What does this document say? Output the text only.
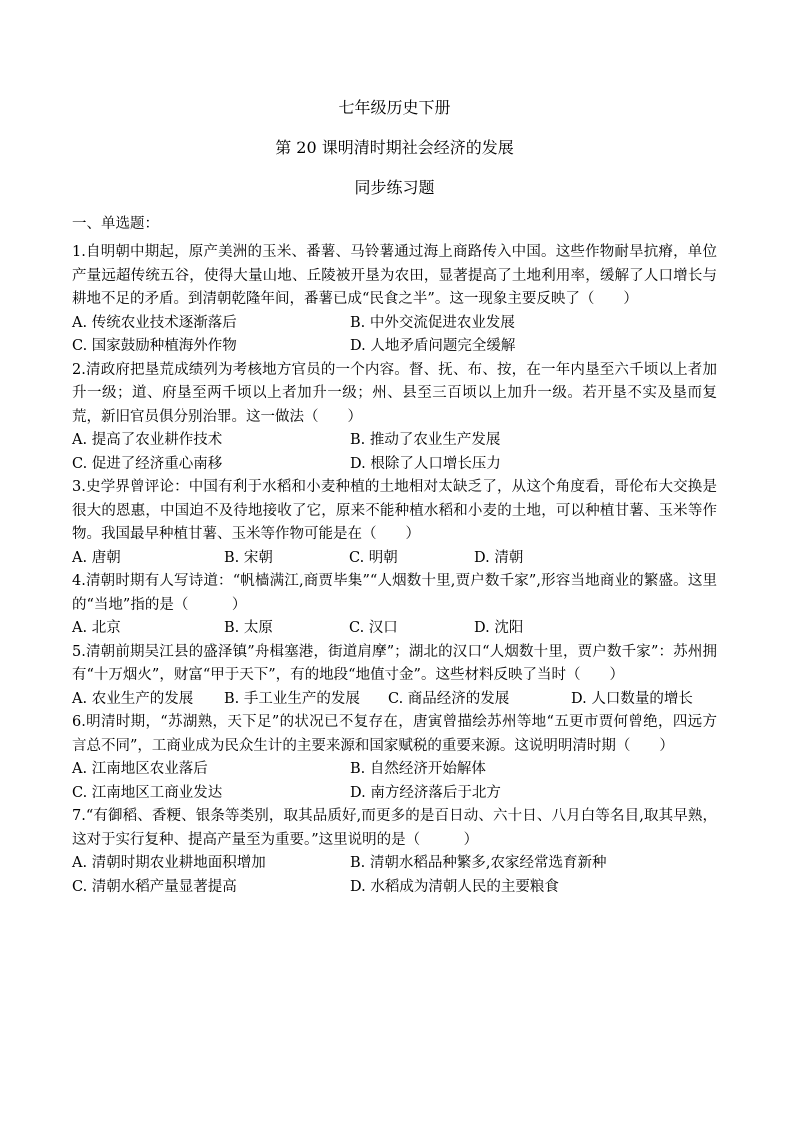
七年级历史下册
第 20 课明清时期社会经济的发展
同步练习题
一、单选题：
1.自明朝中期起，原产美洲的玉米、番薯、马铃薯通过海上商路传入中国。这些作物耐旱抗瘠，单位产量远超传统五谷，使得大量山地、丘陵被开垦为农田，显著提高了土地利用率，缓解了人口增长与耕地不足的矛盾。到清朝乾隆年间，番薯已成“民食之半”。这一现象主要反映了（　　）
A. 传统农业技术逐渐落后	B. 中外交流促进农业发展
C. 国家鼓励种植海外作物	D. 人地矛盾问题完全缓解
2.清政府把垦荒成绩列为考核地方官员的一个内容。督、抚、布、按，在一年内垦至六千顷以上者加升一级；道、府垦至两千顷以上者加升一级；州、县至三百顷以上加升一级。若开垦不实及垦而复荒，新旧官员俱分别治罪。这一做法（　　）
A. 提高了农业耕作技术	B. 推动了农业生产发展
C. 促进了经济重心南移	D. 根除了人口增长压力
3.史学界曾评论：中国有利于水稻和小麦种植的土地相对太缺乏了，从这个角度看，哥伦布大交换是很大的恩惠，中国迫不及待地接收了它，原来不能种植水稻和小麦的土地，可以种植甘薯、玉米等作物。我国最早种植甘薯、玉米等作物可能是在（　　）
A. 唐朝	B. 宋朝	C. 明朝	D. 清朝
4.清朝时期有人写诗道：“帆樯满江,商贾毕集”“人烟数十里,贾户数千家”,形容当地商业的繁盛。这里的“当地”指的是（　　　）
A. 北京	B. 太原	C. 汉口	D. 沈阳
5.清朝前期吴江县的盛泽镇”舟楫塞港，街道肩摩”；湖北的汉口“人烟数十里，贾户数千家”：苏州拥有“十万烟火”，财富“甲于天下”，有的地段“地值寸金”。这些材料反映了当时（　　）
A. 农业生产的发展	B. 手工业生产的发展	C. 商品经济的发展	D. 人口数量的增长
6.明清时期，“苏湖熟，天下足”的状况已不复存在，唐寅曾描绘苏州等地“五更市贾何曾绝，四远方言总不同”，工商业成为民众生计的主要来源和国家赋税的重要来源。这说明明清时期（　　）
A. 江南地区农业落后	B. 自然经济开始解体
C. 江南地区工商业发达	D. 南方经济落后于北方
7.“有御稻、香粳、银条等类别，取其品质好,而更多的是百日动、六十日、八月白等名目,取其早熟，这对于实行复种、提高产量至为重要。”这里说明的是（　　　）
A. 清朝时期农业耕地面积增加	B. 清朝水稻品种繁多,农家经常选育新种
C. 清朝水稻产量显著提高	D. 水稻成为清朝人民的主要粮食
